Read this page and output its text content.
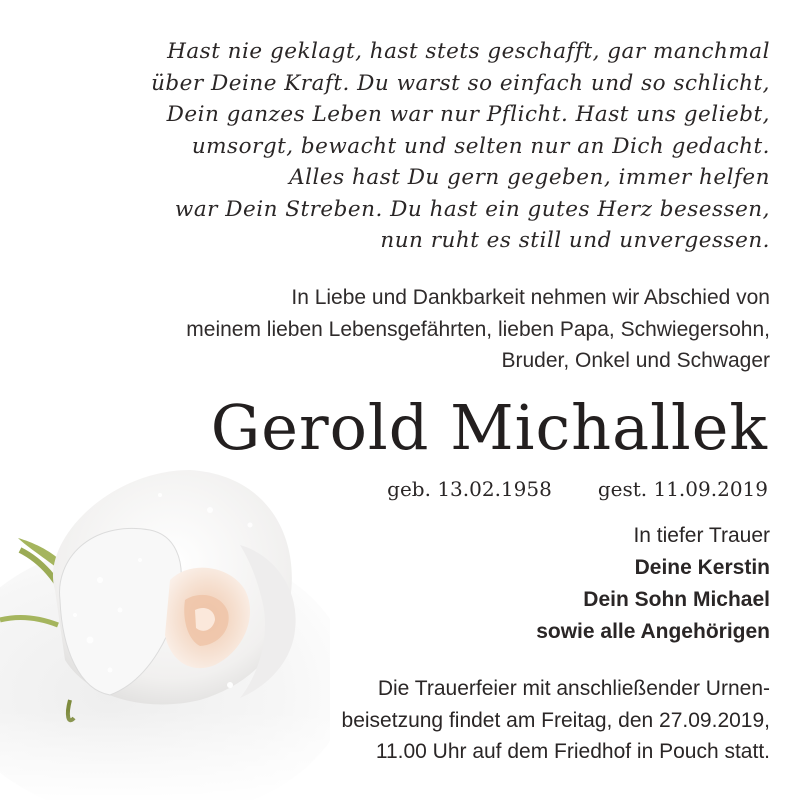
Hast nie geklagt, hast stets geschafft, gar manchmal
über Deine Kraft. Du warst so einfach und so schlicht,
Dein ganzes Leben war nur Pflicht. Hast uns geliebt,
umsorgt, bewacht und selten nur an Dich gedacht.
Alles hast Du gern gegeben, immer helfen
war Dein Streben. Du hast ein gutes Herz besessen,
nun ruht es still und unvergessen.
In Liebe und Dankbarkeit nehmen wir Abschied von
meinem lieben Lebensgefährten, lieben Papa, Schwiegersohn,
Bruder, Onkel und Schwager
Gerold Michallek
geb. 13.02.1958 gest. 11.09.2019
In tiefer Trauer
Deine Kerstin
Dein Sohn Michael
sowie alle Angehörigen
Die Trauerfeier mit anschließender Urnen-
beisetzung findet am Freitag, den 27.09.2019,
11.00 Uhr auf dem Friedhof in Pouch statt.
